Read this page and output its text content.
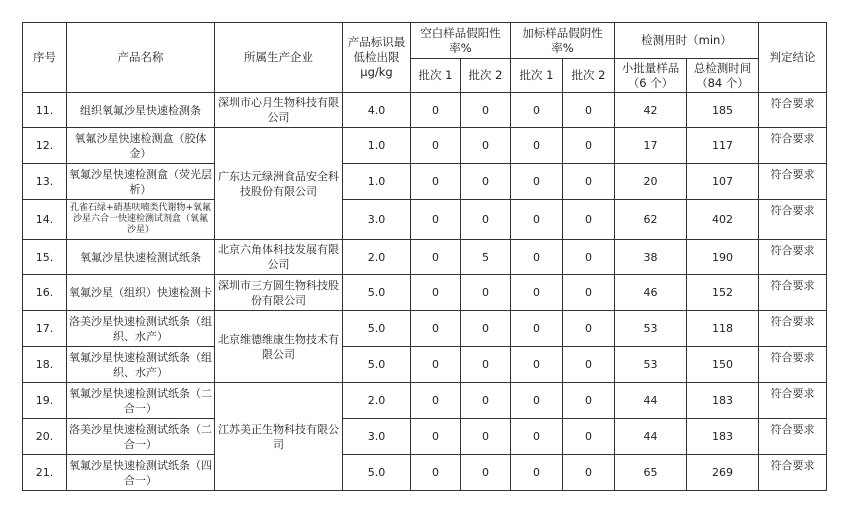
序号	产品名称	所属生产企业	产品标识最低检出限μg/kg	空白样品假阳性率%		加标样品假阴性率%		检测用时（min）		判定结论
				批次 1	批次 2	批次 1	批次 2	小批量样品（6 个）	总检测时间（84 个）	
11.	组织氧氟沙星快速检测条	深圳市心月生物科技有限公司	4.0	0	0	0	0	42	185	符合要求
12.	氧氟沙星快速检测盒（胶体金）	广东达元绿洲食品安全科技股份有限公司	1.0	0	0	0	0	17	117	符合要求
13.	氧氟沙星快速检测盒（荧光层析）		1.0	0	0	0	0	20	107	符合要求
14.	孔雀石绿+硝基呋喃类代谢物+氧氟沙星六合一快速检测试剂盒（氧氟沙星）		3.0	0	0	0	0	62	402	符合要求
15.	氧氟沙星快速检测试纸条	北京六角体科技发展有限公司	2.0	0	5	0	0	38	190	符合要求
16.	氧氟沙星（组织）快速检测卡	深圳市三方圆生物科技股份有限公司	5.0	0	0	0	0	46	152	符合要求
17.	洛美沙星快速检测试纸条（组织、水产）	北京维德维康生物技术有限公司	5.0	0	0	0	0	53	118	符合要求
18.	氧氟沙星快速检测试纸条（组织、水产）		5.0	0	0	0	0	53	150	符合要求
19.	氧氟沙星快速检测试纸条（二合一）	江苏美正生物科技有限公司	2.0	0	0	0	0	44	183	符合要求
20.	洛美沙星快速检测试纸条（二合一）		3.0	0	0	0	0	44	183	符合要求
21.	氧氟沙星快速检测试纸条（四合一）		5.0	0	0	0	0	65	269	符合要求
